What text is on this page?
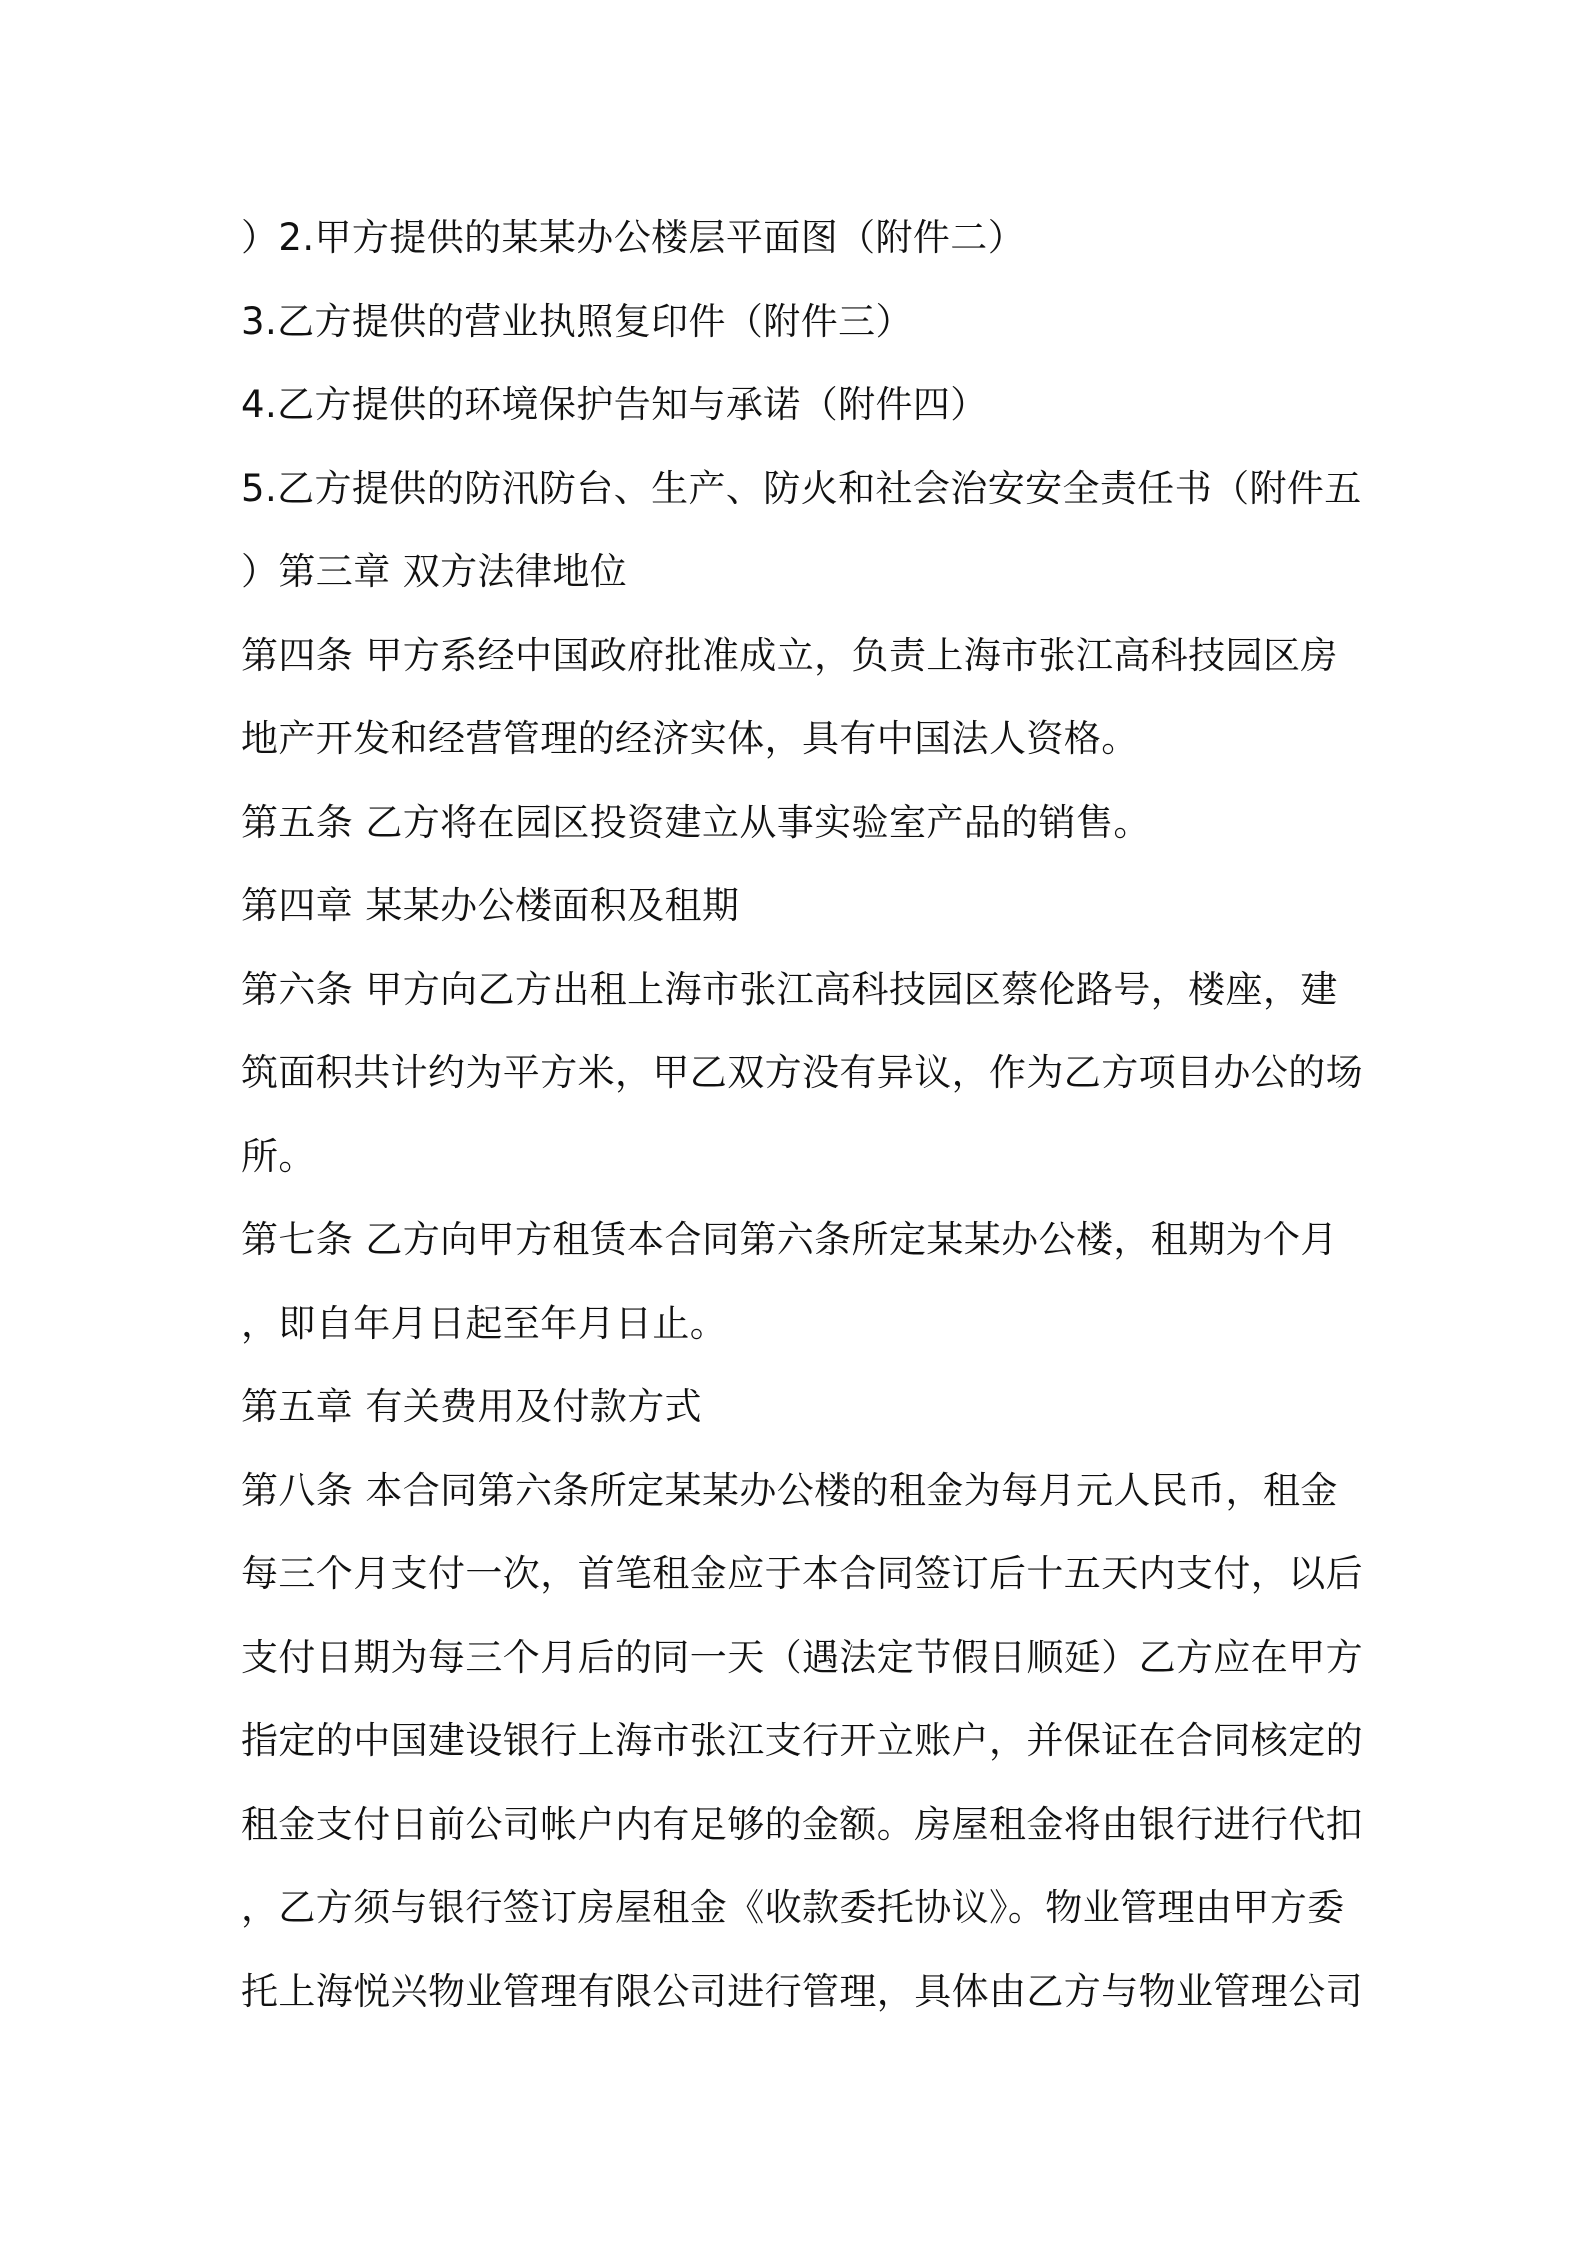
）2.甲方提供的某某办公楼层平面图（附件二）
3.乙方提供的营业执照复印件（附件三）
4.乙方提供的环境保护告知与承诺（附件四）
5.乙方提供的防汛防台、生产、防火和社会治安安全责任书（附件五
）第三章 双方法律地位
第四条 甲方系经中国政府批准成立，负责上海市张江高科技园区房
地产开发和经营管理的经济实体，具有中国法人资格。
第五条 乙方将在园区投资建立从事实验室产品的销售。
第四章 某某办公楼面积及租期
第六条 甲方向乙方出租上海市张江高科技园区蔡伦路号，楼座，建
筑面积共计约为平方米，甲乙双方没有异议，作为乙方项目办公的场
所。
第七条 乙方向甲方租赁本合同第六条所定某某办公楼，租期为个月
，即自年月日起至年月日止。
第五章 有关费用及付款方式
第八条 本合同第六条所定某某办公楼的租金为每月元人民币，租金
每三个月支付一次，首笔租金应于本合同签订后十五天内支付，以后
支付日期为每三个月后的同一天（遇法定节假日顺延）乙方应在甲方
指定的中国建设银行上海市张江支行开立账户，并保证在合同核定的
租金支付日前公司帐户内有足够的金额。房屋租金将由银行进行代扣
，乙方须与银行签订房屋租金《收款委托协议》。物业管理由甲方委
托上海悦兴物业管理有限公司进行管理，具体由乙方与物业管理公司
